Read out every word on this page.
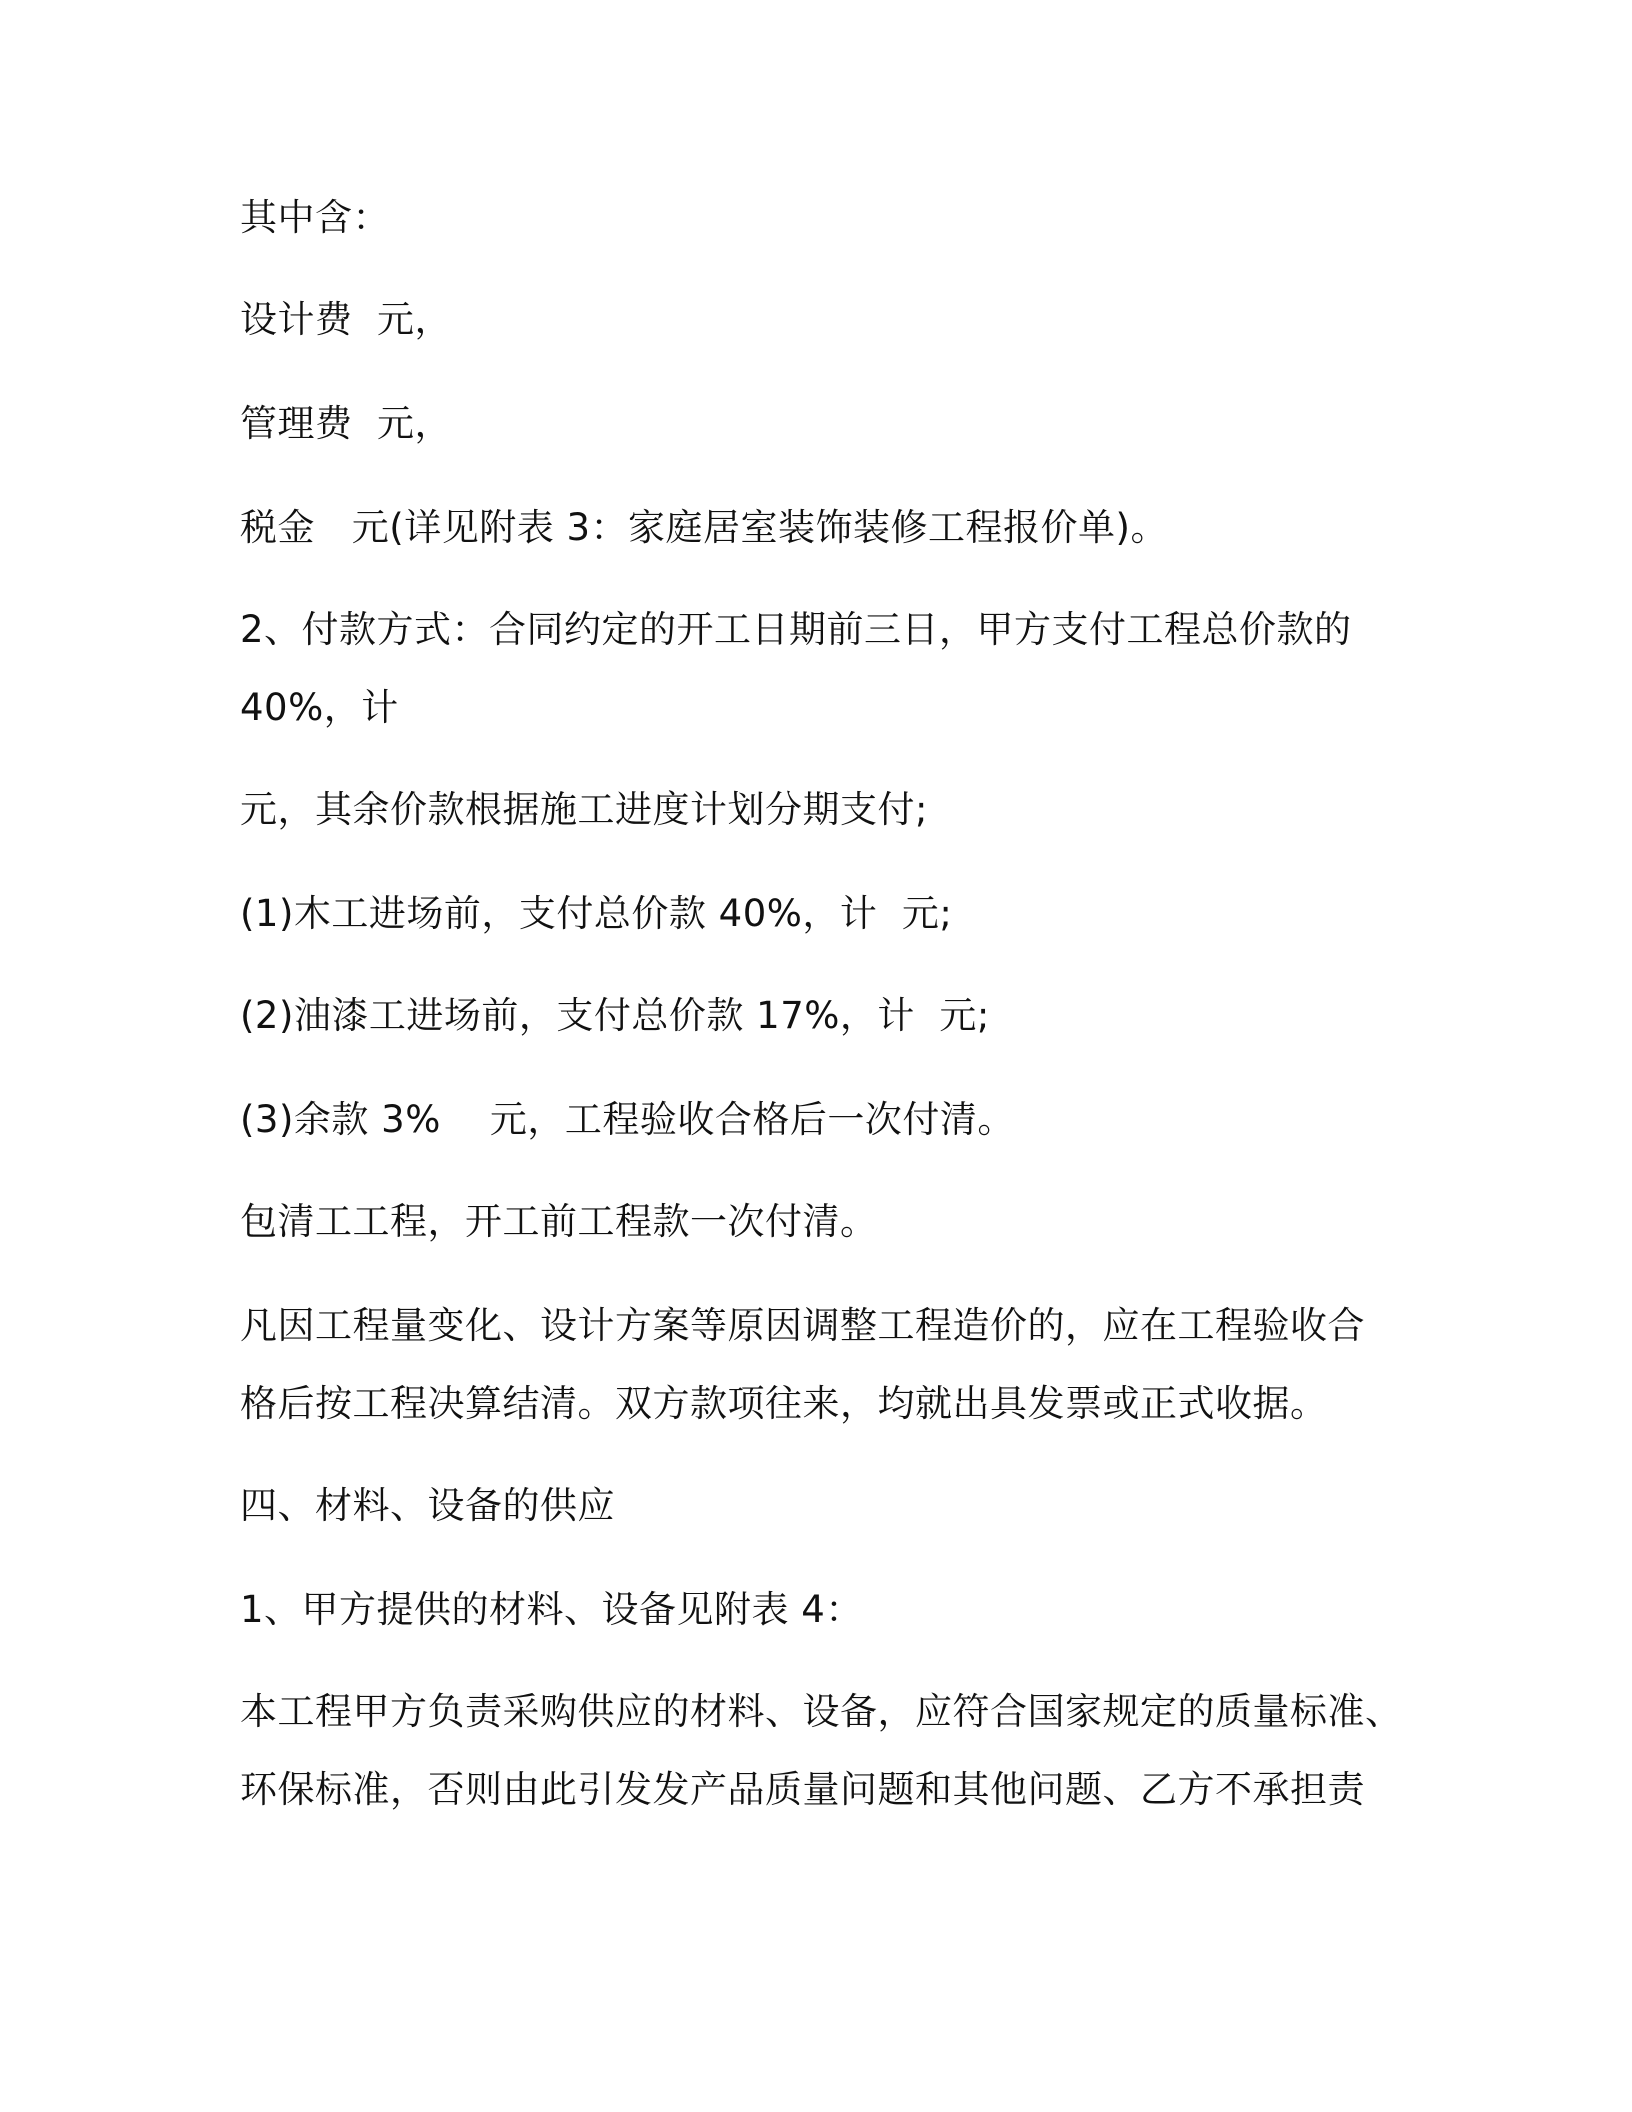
其中含：
设计费  元，
管理费  元，
税金   元(详见附表 3：家庭居室装饰装修工程报价单)。
2、付款方式：合同约定的开工日期前三日，甲方支付工程总价款的
40%，计
元，其余价款根据施工进度计划分期支付;
(1)木工进场前，支付总价款 40%，计  元;
(2)油漆工进场前，支付总价款 17%，计  元;
(3)余款 3%    元，工程验收合格后一次付清。
包清工工程，开工前工程款一次付清。
凡因工程量变化、设计方案等原因调整工程造价的，应在工程验收合
格后按工程决算结清。双方款项往来，均就出具发票或正式收据。
四、材料、设备的供应
1、甲方提供的材料、设备见附表 4：
本工程甲方负责采购供应的材料、设备，应符合国家规定的质量标准、
环保标准，否则由此引发发产品质量问题和其他问题、乙方不承担责
